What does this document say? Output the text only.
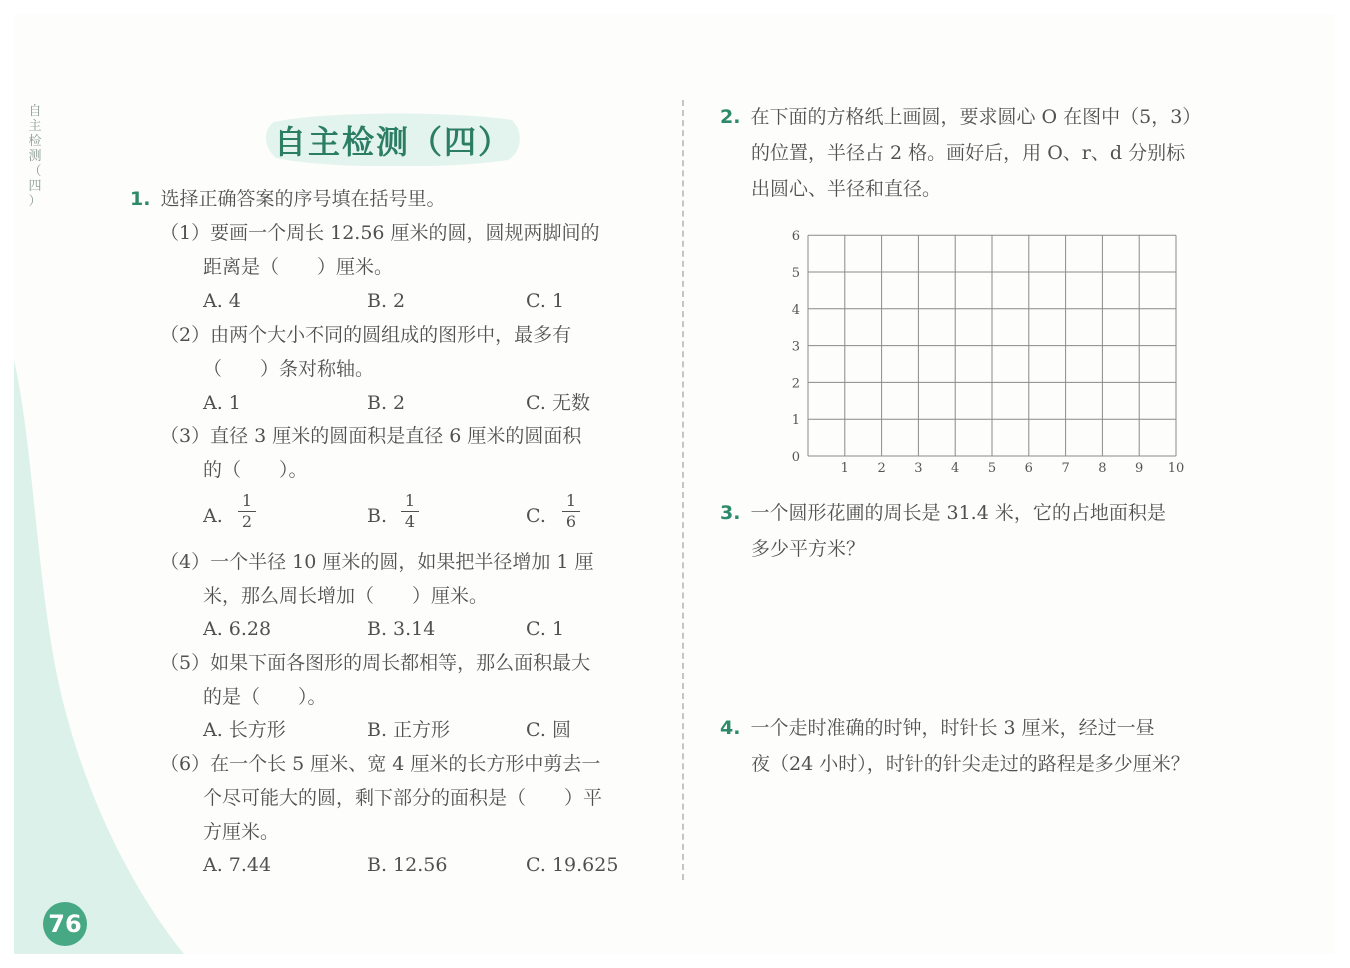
自
主
检
测
（
四
）
76
自主检测（四）
1. 选择正确答案的序号填在括号里。
（1）要画一个周长 12.56 厘米的圆，圆规两脚间的
距离是（　　）厘米。
A. 4	B. 2	C. 1
（2）由两个大小不同的圆组成的图形中，最多有
（　　）条对称轴。
A. 1	B. 2	C. 无数
（3）直径 3 厘米的圆面积是直径 6 厘米的圆面积
的（　　）。
A.
1
2	B.
1
4	C.
1
6
（4）一个半径 10 厘米的圆，如果把半径增加 1 厘
米，那么周长增加（　　）厘米。
A. 6.28	B. 3.14	C. 1
（5）如果下面各图形的周长都相等，那么面积最大
的是（　　）。
A. 长方形	B. 正方形	C. 圆
（6）在一个长 5 厘米、宽 4 厘米的长方形中剪去一
个尽可能大的圆，剩下部分的面积是（　　）平
方厘米。
A. 7.44	B. 12.56	C. 19.625
2. 在下面的方格纸上画圆，要求圆心 O 在图中（5，3）
的位置，半径占 2 格。画好后，用 O、r、d 分别标
出圆心、半径和直径。
1 2 3 4 5 6 7 8 9 10
0
1
2
3
4
5
6
3. 一个圆形花圃的周长是 31.4 米，它的占地面积是
多少平方米？
4. 一个走时准确的时钟，时针长 3 厘米，经过一昼
夜（24 小时），时针的针尖走过的路程是多少厘米？
